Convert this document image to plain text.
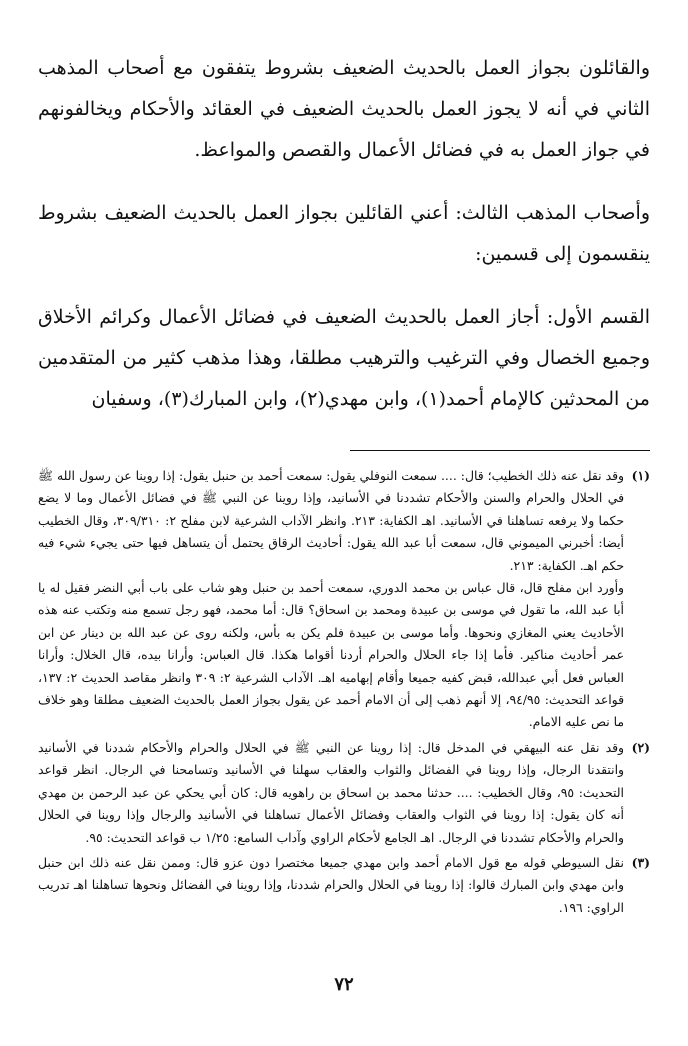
والقائلون بجواز العمل بالحديث الضعيف بشروط يتفقون مع أصحاب المذهب الثاني في أنه لا يجوز العمل بالحديث الضعيف في العقائد والأحكام ويخالفونهم في جواز العمل به في فضائل الأعمال والقصص والمواعظ.

وأصحاب المذهب الثالث: أعني القائلين بجواز العمل بالحديث الضعيف بشروط ينقسمون إلى قسمين:

القسم الأول: أجاز العمل بالحديث الضعيف في فضائل الأعمال وكرائم الأخلاق وجميع الخصال وفي الترغيب والترهيب مطلقا، وهذا مذهب كثير من المتقدمين من المحدثين كالإمام أحمد(١)، وابن مهدي(٢)، وابن المبارك(٣)، وسفيان

(١)

وقد نقل عنه ذلك الخطيب؛ قال: .... سمعت النوفلي يقول: سمعت أحمد بن حنبل يقول: إذا روينا عن رسول الله ﷺ في الحلال والحرام والسنن والأحكام تشددنا في الأسانيد، وإذا روينا عن النبي ﷺ في فضائل الأعمال وما لا يضع حكما ولا يرفعه تساهلنا في الأسانيد. اهـ الكفاية: ٢١٣. وانظر الآداب الشرعية لابن مفلح ٢: ٣٠٩/٣١٠، وقال الخطيب أيضا: أخبرني الميموني قال، سمعت أبا عبد الله يقول: أحاديث الرقاق يحتمل أن يتساهل فيها حتى يجيء شيء فيه حكم اهـ. الكفاية: ٢١٣.

وأورد ابن مفلح قال، قال عباس بن محمد الدوري، سمعت أحمد بن حنبل وهو شاب على باب أبي النضر فقيل له يا أبا عبد الله، ما تقول في موسى بن عبيدة ومحمد بن اسحاق؟ قال: أما محمد، فهو رجل تسمع منه وتكتب عنه هذه الأحاديث يعني المغازي ونحوها. وأما موسى بن عبيدة فلم يكن به بأس، ولكنه روى عن عبد الله بن دينار عن ابن عمر أحاديث مناكير. فأما إذا جاء الحلال والحرام أردنا أقواما هكذا. قال العباس: وأرانا بيده، قال الخلال: وأرانا العباس فعل أبي عبدالله، قبض كفيه جميعا وأقام إبهاميه اهـ. الآداب الشرعية ٢: ٣٠٩ وانظر مقاصد الحديث ٢: ١٣٧، قواعد التحديث: ٩٤/٩٥، إلا أنهم ذهب إلى أن الامام أحمد عن يقول بجواز العمل بالحديث الضعيف مطلقا وهو خلاف ما نص عليه الامام.

(٢)

وقد نقل عنه البيهقي في المدخل قال: إذا روينا عن النبي ﷺ في الحلال والحرام والأحكام شددنا في الأسانيد وانتقدنا الرجال، وإذا روينا في الفضائل والثواب والعقاب سهلنا في الأسانيد وتسامحنا في الرجال. انظر قواعد التحديث: ٩٥، وقال الخطيب: .... حدثنا محمد بن اسحاق بن راهويه قال: كان أبي يحكي عن عبد الرحمن بن مهدي أنه كان يقول: إذا روينا في الثواب والعقاب وفضائل الأعمال تساهلنا في الأسانيد والرجال وإذا روينا في الحلال والحرام والأحكام تشددنا في الرجال. اهـ الجامع لأحكام الراوي وآداب السامع: ١/٢٥ ب قواعد التحديث: ٩٥.

(٣)

نقل السيوطي قوله مع قول الامام أحمد وابن مهدي جميعا مختصرا دون عزو قال: وممن نقل عنه ذلك ابن حنبل وابن مهدي وابن المبارك قالوا: إذا روينا في الحلال والحرام شددنا، وإذا روينا في الفضائل ونحوها تساهلنا اهـ تدريب الراوي: ١٩٦.

٧٢
